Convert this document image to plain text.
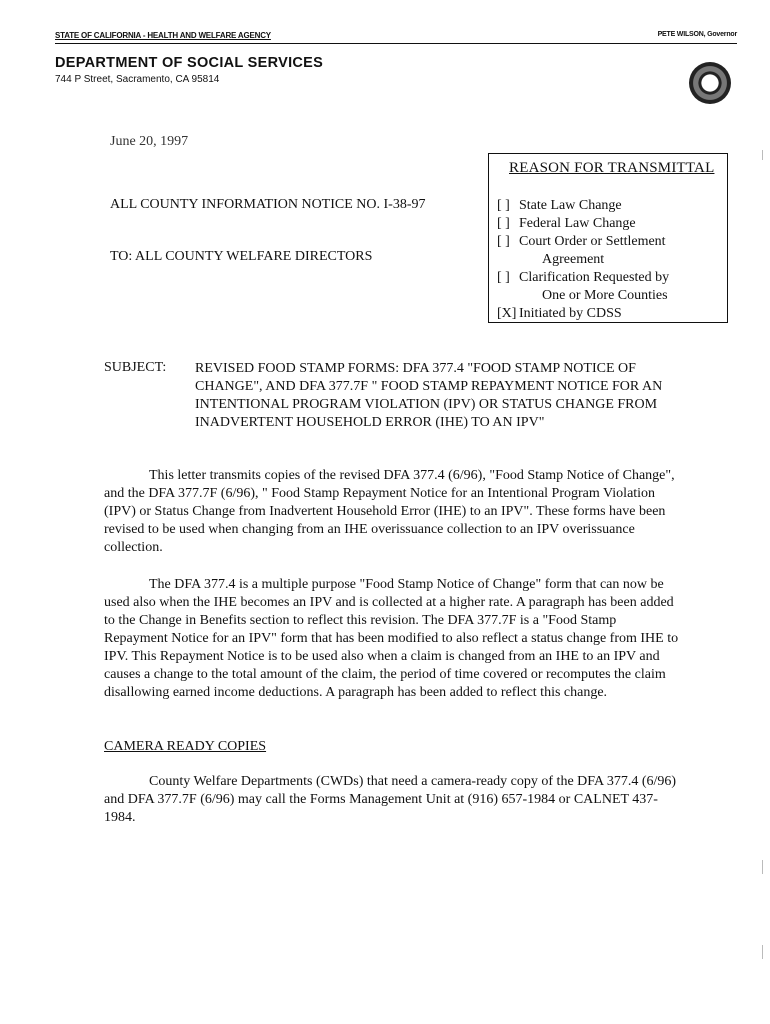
STATE OF CALIFORNIA - HEALTH AND WELFARE AGENCY	PETE WILSON, Governor
DEPARTMENT OF SOCIAL SERVICES
744 P Street, Sacramento, CA 95814
June 20, 1997
ALL COUNTY INFORMATION NOTICE NO. I-38-97
TO: ALL COUNTY WELFARE DIRECTORS
REASON FOR TRANSMITTAL
[ ] State Law Change
[ ] Federal Law Change
[ ] Court Order or Settlement
Agreement
[ ] Clarification Requested by
One or More Counties
[X] Initiated by CDSS
SUBJECT: REVISED FOOD STAMP FORMS: DFA 377.4 "FOOD STAMP NOTICE OF CHANGE", AND DFA 377.7F " FOOD STAMP REPAYMENT NOTICE FOR AN INTENTIONAL PROGRAM VIOLATION (IPV) OR STATUS CHANGE FROM INADVERTENT HOUSEHOLD ERROR (IHE) TO AN IPV"
This letter transmits copies of the revised DFA 377.4 (6/96), "Food Stamp Notice of Change", and the DFA 377.7F (6/96), " Food Stamp Repayment Notice for an Intentional Program Violation (IPV) or Status Change from Inadvertent Household Error (IHE) to an IPV". These forms have been revised to be used when changing from an IHE overissuance collection to an IPV overissuance collection.
The DFA 377.4 is a multiple purpose "Food Stamp Notice of Change" form that can now be used also when the IHE becomes an IPV and is collected at a higher rate. A paragraph has been added to the Change in Benefits section to reflect this revision. The DFA 377.7F is a "Food Stamp Repayment Notice for an IPV" form that has been modified to also reflect a status change from IHE to IPV. This Repayment Notice is to be used also when a claim is changed from an IHE to an IPV and causes a change to the total amount of the claim, the period of time covered or recomputes the claim disallowing earned income deductions. A paragraph has been added to reflect this change.
CAMERA READY COPIES
County Welfare Departments (CWDs) that need a camera-ready copy of the DFA 377.4 (6/96) and DFA 377.7F (6/96) may call the Forms Management Unit at (916) 657-1984 or CALNET 437-1984.
